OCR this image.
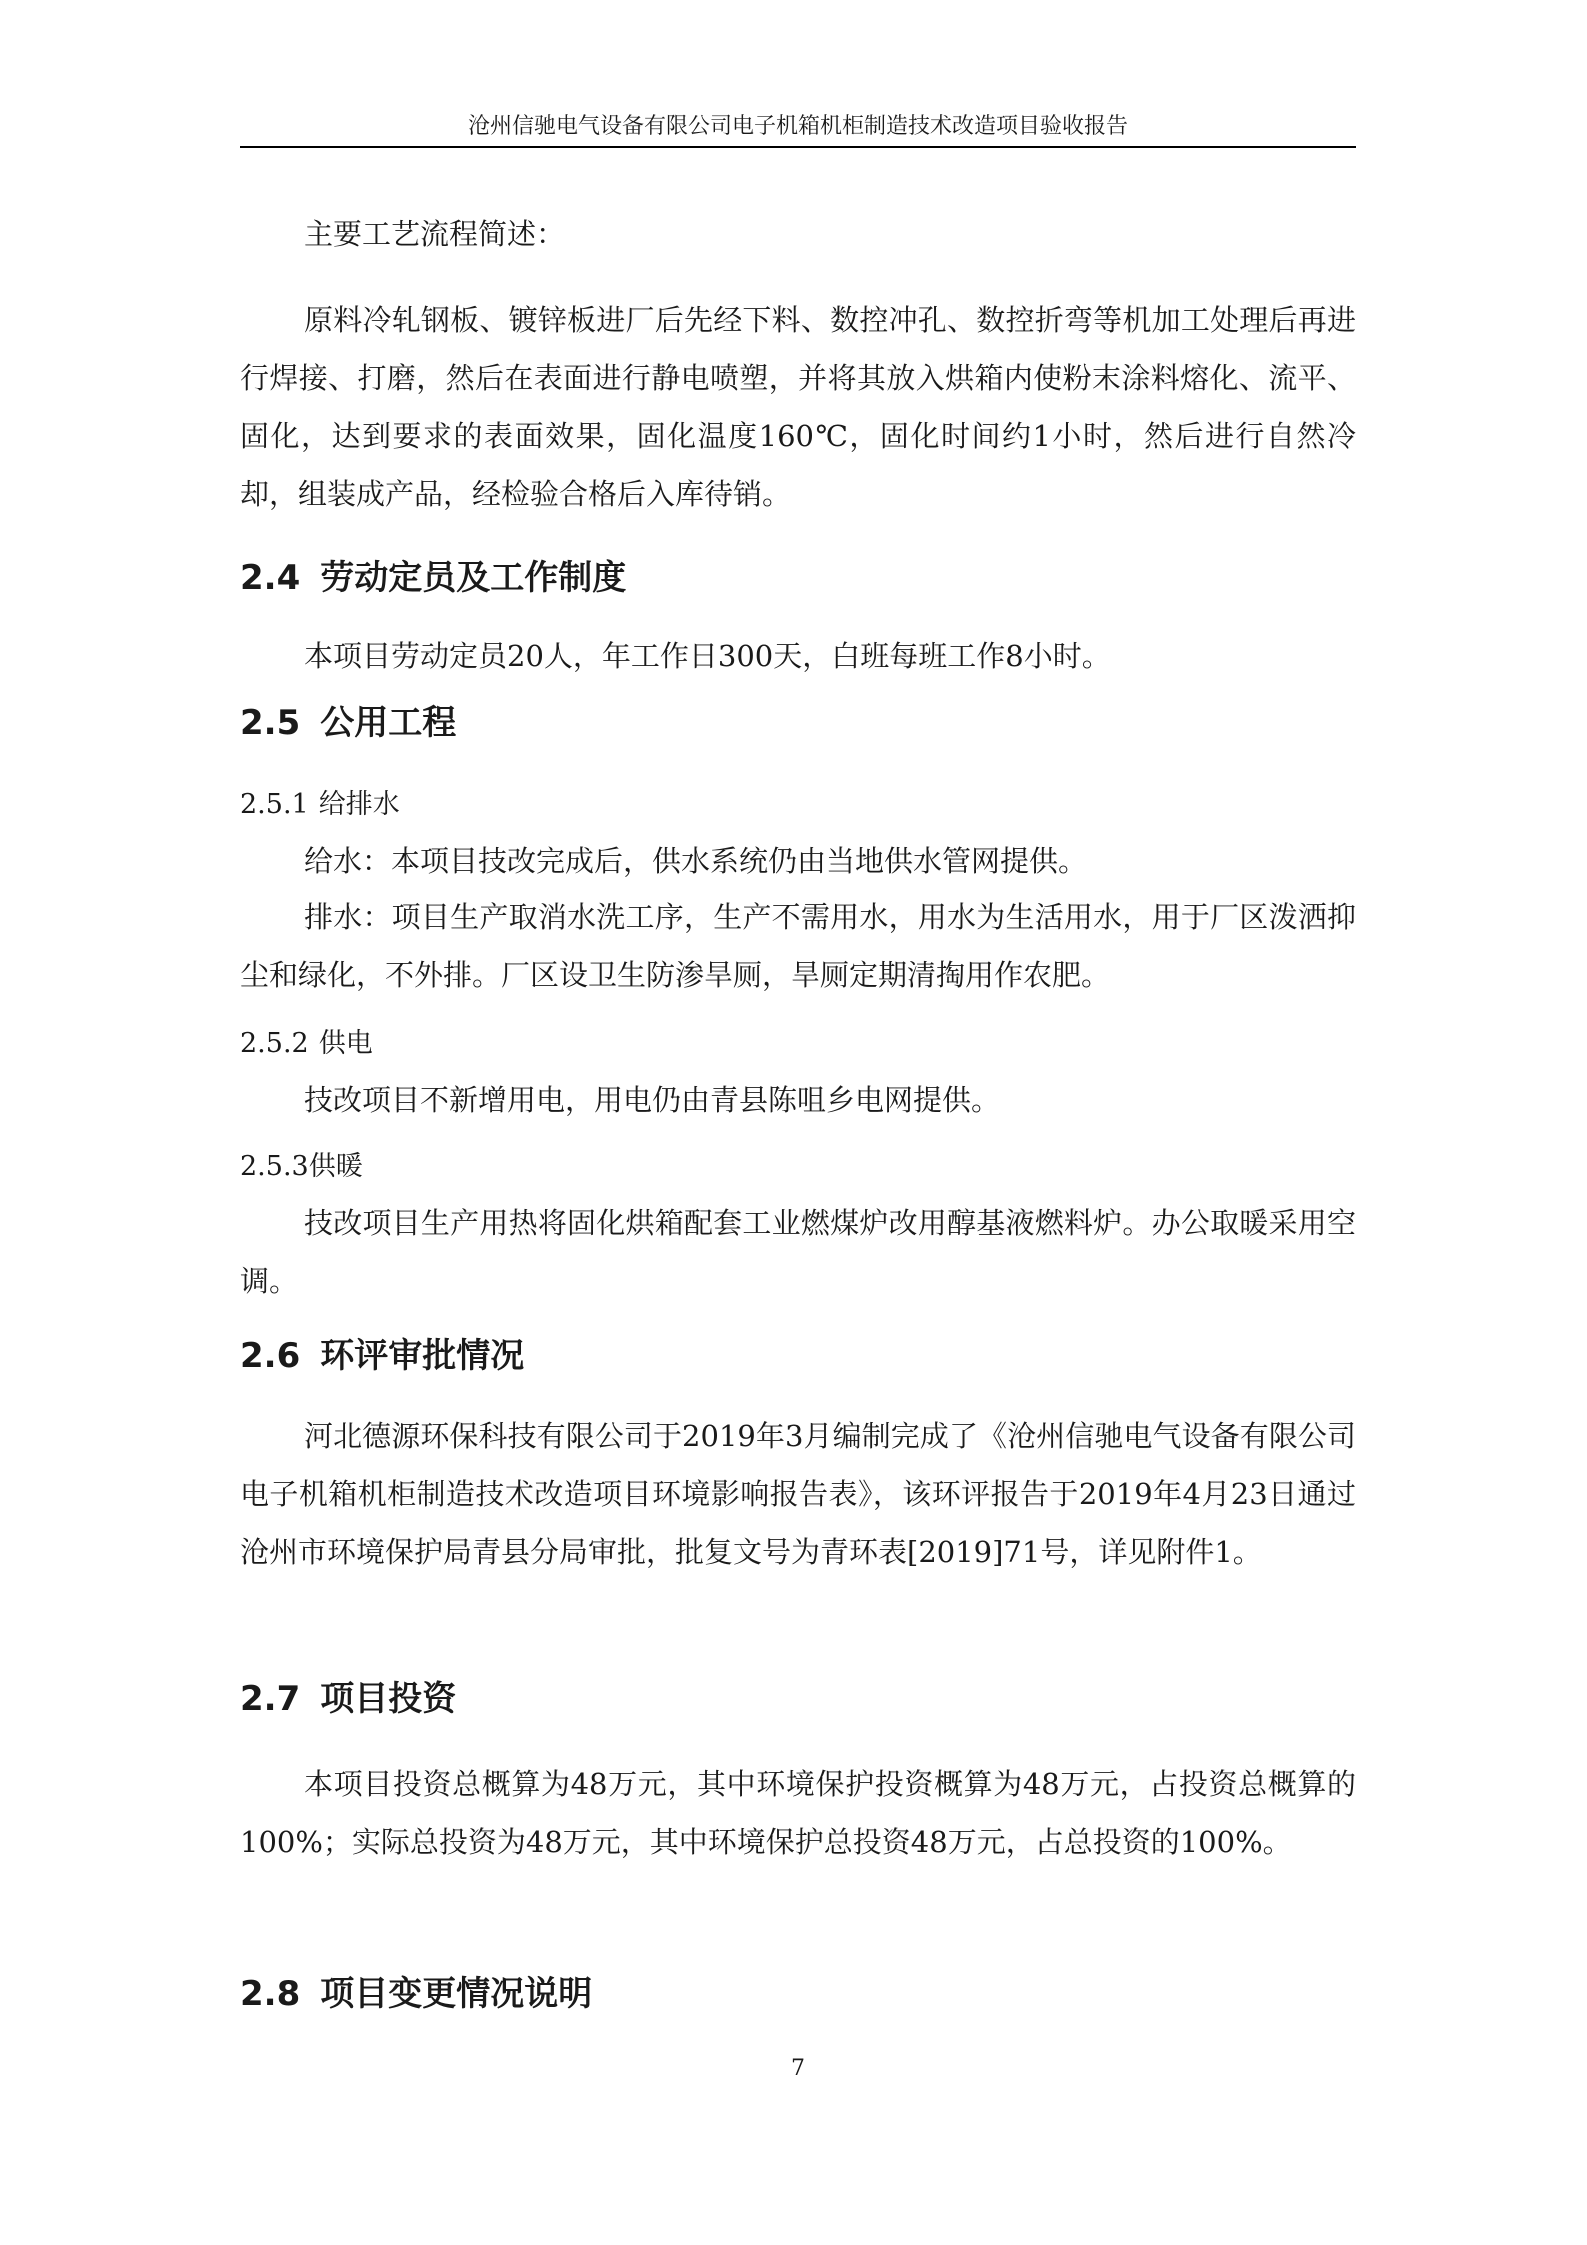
沧州信驰电气设备有限公司电子机箱机柜制造技术改造项目验收报告

主要工艺流程简述：

原料冷轧钢板、镀锌板进厂后先经下料、数控冲孔、数控折弯等机加工处理后再进行焊接、打磨，然后在表面进行静电喷塑，并将其放入烘箱内使粉末涂料熔化、流平、固化，达到要求的表面效果，固化温度160℃，固化时间约1小时，然后进行自然冷却，组装成产品，经检验合格后入库待销。

2.4 劳动定员及工作制度

本项目劳动定员20人，年工作日300天，白班每班工作8小时。

2.5 公用工程
2.5.1 给排水

给水：本项目技改完成后，供水系统仍由当地供水管网提供。

排水：项目生产取消水洗工序，生产不需用水，用水为生活用水，用于厂区泼洒抑尘和绿化，不外排。厂区设卫生防渗旱厕，旱厕定期清掏用作农肥。

2.5.2 供电

技改项目不新增用电，用电仍由青县陈咀乡电网提供。

2.5.3供暖

技改项目生产用热将固化烘箱配套工业燃煤炉改用醇基液燃料炉。办公取暖采用空调。

2.6 环评审批情况

河北德源环保科技有限公司于2019年3月编制完成了《沧州信驰电气设备有限公司电子机箱机柜制造技术改造项目环境影响报告表》，该环评报告于2019年4月23日通过沧州市环境保护局青县分局审批，批复文号为青环表[2019]71号，详见附件1。

2.7 项目投资

本项目投资总概算为48万元，其中环境保护投资概算为48万元，占投资总概算的100%；实际总投资为48万元，其中环境保护总投资48万元，占总投资的100%。

2.8 项目变更情况说明
7
